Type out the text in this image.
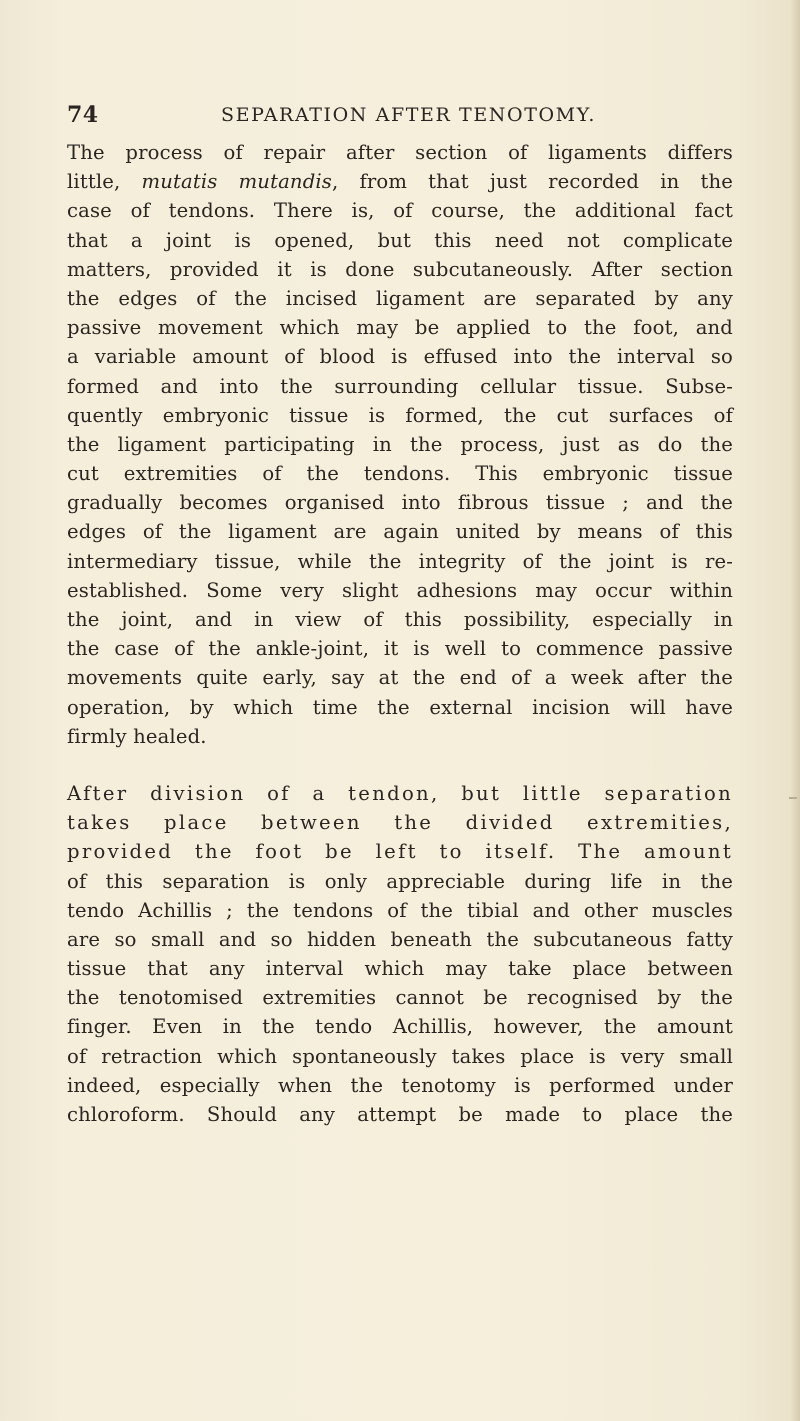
74	SEPARATION AFTER TENOTOMY.
The process of repair after section of ligaments differs
little, mutatis mutandis, from that just recorded in the
case of tendons. There is, of course, the additional fact
that a joint is opened, but this need not complicate
matters, provided it is done subcutaneously. After section
the edges of the incised ligament are separated by any
passive movement which may be applied to the foot, and
a variable amount of blood is effused into the interval so
formed and into the surrounding cellular tissue. Subse-
quently embryonic tissue is formed, the cut surfaces of
the ligament participating in the process, just as do the
cut extremities of the tendons. This embryonic tissue
gradually becomes organised into fibrous tissue ; and the
edges of the ligament are again united by means of this
intermediary tissue, while the integrity of the joint is re-
established. Some very slight adhesions may occur within
the joint, and in view of this possibility, especially in
the case of the ankle-joint, it is well to commence passive
movements quite early, say at the end of a week after the
operation, by which time the external incision will have
firmly healed.
After division of a tendon, but little separation
takes place between the divided extremities,
provided the foot be left to itself. The amount
of this separation is only appreciable during life in the
tendo Achillis ; the tendons of the tibial and other muscles
are so small and so hidden beneath the subcutaneous fatty
tissue that any interval which may take place between
the tenotomised extremities cannot be recognised by the
finger. Even in the tendo Achillis, however, the amount
of retraction which spontaneously takes place is very small
indeed, especially when the tenotomy is performed under
chloroform. Should any attempt be made to place the
